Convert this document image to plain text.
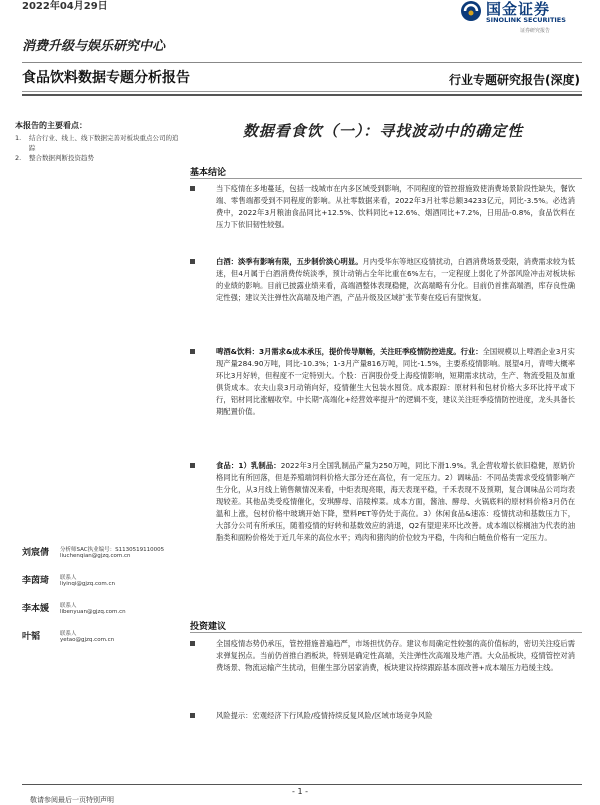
2022年04月29日
消费升级与娱乐研究中心
国金证券
SINOLINK SECURITIES
证券研究报告
食品饮料数据专题分析报告	行业专题研究报告(深度)
本报告的主要看点：
1.	结合行业、线上、线下数据完善对板块重点公司的追踪
2.	整合数据判断投资趋势
刘宸倩 分析师SAC执业编号：S1130519110005
liuchenqian@gjzq.com.cn
李茵琦 联系人
liyinqi@gjzq.com.cn
李本媛 联系人
libenyuan@gjzq.com.cn
叶韬	联系人
yetao@gjzq.com.cn
数据看食饮（一）：寻找波动中的确定性
基本结论
当下疫情在多地蔓延，包括一线城市在内多区域受到影响，不同程度的管控措施致使消费场景阶段性缺失，餐饮端、零售端都受到不同程度的影响。从社零数据来看，2022年3月社零总额34233亿元，同比-3.5%。必选消费中，2022年3月粮油食品同比+12.5%、饮料同比+12.6%、烟酒同比+7.2%，日用品-0.8%，食品饮料在压力下依旧韧性较强。
白酒：淡季有影响有限，五步制价淡心明显。月内受华东等地区疫情扰动，白酒消费场景受限，消费需求较为低迷，但4月属于白酒消费传统淡季，预计动销占全年比重在6%左右，一定程度上弱化了外部风险冲击对板块标的业绩的影响。目前已披露业绩来看，高端酒整体表现稳健，次高端略有分化。目前仍首推高端酒，库存良性确定性强；建议关注弹性次高端及地产酒，产品升级及区域扩张节奏在疫后有望恢复。
啤酒&饮料：3月需求&成本承压，提价传导顺畅，关注旺季疫情防控进度。行业：全国规模以上啤酒企业3月实现产量284.90万吨，同比-10.3%；1-3月产量816万吨，同比-1.5%，主要系疫情影响。展望4月，青啤大概率环比3月好转，但程度不一定特别大。个股：百润股份受上海疫情影响，短期需求扰动，生产、物流受阻及加重俱货成本。农夫山泉3月动销向好，疫情催生大包装水囤货。成本跟踪：原材料和包材价格大多环比持平或下行，铝材同比涨幅收窄。中长期“高端化+经营效率提升”的逻辑不变，建议关注旺季疫情防控进度，龙头具备长期配置价值。
食品：1）乳制品：2022年3月全国乳制品产量为250万吨，同比下滑1.9%。乳企营收增长依旧稳健，原奶价格同比有所回落，但是养殖端饲料价格大部分还在高位，有一定压力。2）调味品：不同品类需求受疫情影响产生分化，从3月线上销售额情况来看，中炬表现亮眼，海天表现平稳，千禾表现不及预期，复合调味品公司均表现较差。其他品类受疫情催化，安琪酵母、涪陵榨菜。成本方面，酱油、酵母、火锅底料的原材料价格3月仍在温和上涨，包材价格中玻璃开始下降，塑料PET等仍处于高位。3）休闲食品&速冻：疫情扰动和基数压力下，大部分公司有所承压，随着疫情的好转和基数效应的消退，Q2有望迎来环比改善。成本端以棕榈油为代表的油脂类和面粉价格处于近几年来的高位水平；鸡肉和猪肉的价位较为平稳，牛肉和白鲢鱼价格有一定压力。
投资建议
全国疫情态势仍承压，管控措施普遍趋严，市场担忧仍存。建议布局确定性较强的高价值标的，密切关注疫后需求弹复拐点。当前仍首推白酒板块，特别是确定性高端，关注弹性次高端及地产酒。大众品板块，疫情管控对消费场景、物流运输产生扰动，但催生部分居家消费，板块建议持续跟踪基本面改善+成本端压力趋缓主线。
风险提示：宏观经济下行风险/疫情持续反复风险/区域市场竞争风险
- 1 -
敬请参阅最后一页特别声明
